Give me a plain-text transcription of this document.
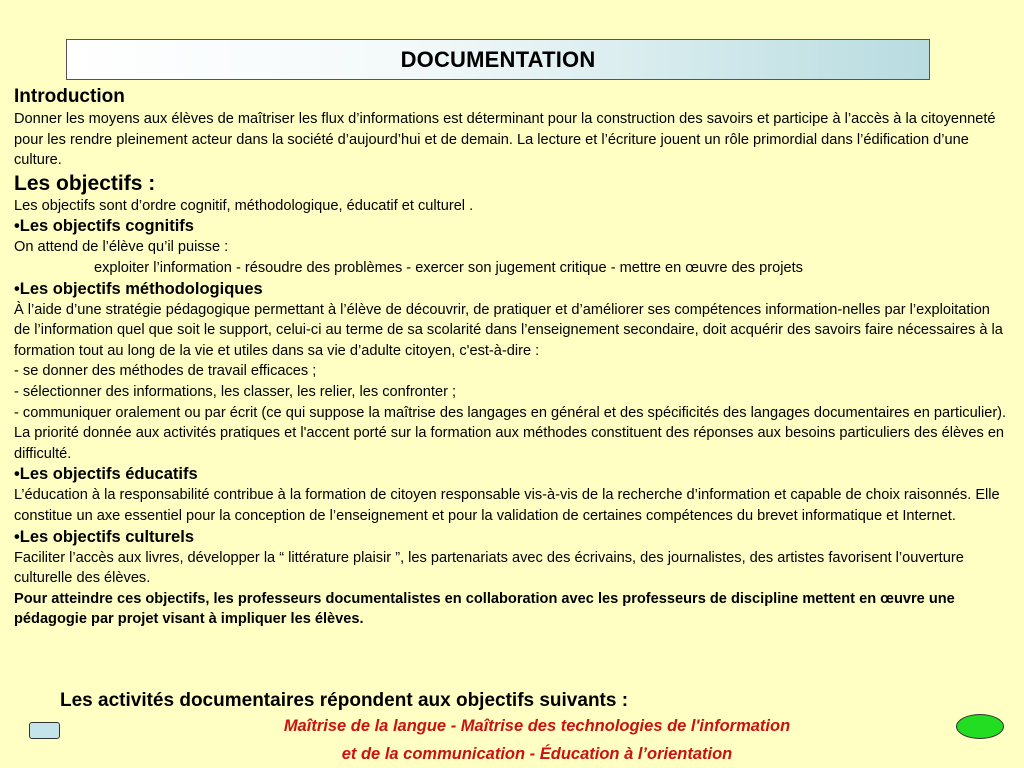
DOCUMENTATION

Introduction

Donner les moyens aux élèves de maîtriser les flux d’informations est déterminant pour la construction des savoirs et participe à l’accès à la citoyenneté pour les rendre pleinement acteur dans la société d’aujourd’hui et de demain. La lecture et l’écriture jouent un rôle primordial dans l’édification d’une culture.

Les objectifs :

Les objectifs sont d’ordre cognitif, méthodologique, éducatif et culturel .

•Les objectifs cognitifs

On attend de l’élève qu’il puisse :

exploiter l’information - résoudre des problèmes - exercer son jugement critique - mettre en œuvre des projets

•Les objectifs méthodologiques

À l’aide d’une stratégie pédagogique permettant à l’élève de découvrir, de pratiquer et d’améliorer ses compétences information-nelles par l’exploitation de l’information quel que soit le support, celui-ci au terme de sa scolarité dans l’enseignement secondaire, doit acquérir des savoirs faire nécessaires à la formation tout au long de la vie et utiles dans sa vie d’adulte citoyen, c'est-à-dire :

- se donner des méthodes de travail efficaces ;

- sélectionner des informations, les classer, les relier, les confronter ;

- communiquer oralement ou par écrit (ce qui suppose la maîtrise des langages en général et des spécificités des langages documentaires en particulier).

La priorité donnée aux activités pratiques et l'accent porté sur la formation aux méthodes constituent des réponses aux besoins particuliers des élèves en difficulté.

•Les objectifs éducatifs

L’éducation à la responsabilité contribue à la formation de citoyen responsable vis-à-vis de la recherche d’information et capable de choix raisonnés. Elle constitue un axe essentiel pour la conception de l’enseignement et pour la validation de certaines compétences du brevet informatique et Internet.

•Les objectifs culturels

Faciliter l’accès aux livres, développer la “ littérature plaisir ”, les partenariats avec des écrivains, des journalistes, des artistes favorisent l’ouverture culturelle des élèves.

Pour atteindre ces objectifs, les professeurs documentalistes en collaboration avec les professeurs de discipline mettent en œuvre une pédagogie par projet visant à impliquer les élèves.

Les activités documentaires répondent aux objectifs suivants :
Maîtrise de la langue - Maîtrise des technologies de l'information
et de la communication - Éducation à l’orientation
